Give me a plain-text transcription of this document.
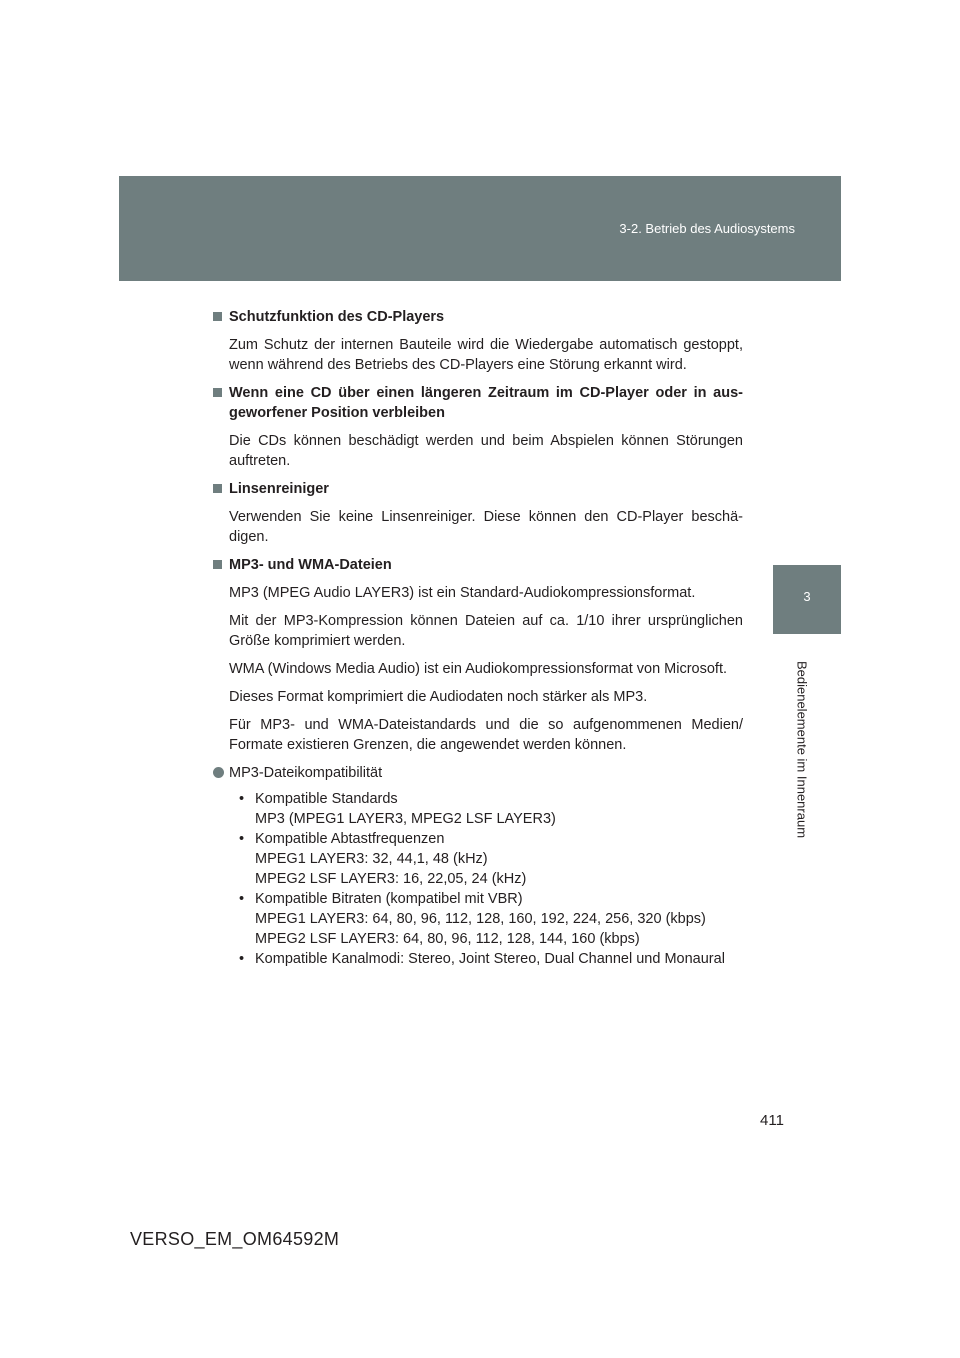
3-2. Betrieb des Audiosystems
3
Bedienelemente im Innenraum
Schutzfunktion des CD-Players

Zum Schutz der internen Bauteile wird die Wiedergabe automatisch gestoppt, wenn während des Betriebs des CD-Players eine Störung erkannt wird.

Wenn eine CD über einen längeren Zeitraum im CD-Player oder in aus-geworfener Position verbleiben

Die CDs können beschädigt werden und beim Abspielen können Störungen auftreten.

Linsenreiniger

Verwenden Sie keine Linsenreiniger. Diese können den CD-Player beschä-digen.

MP3- und WMA-Dateien

MP3 (MPEG Audio LAYER3) ist ein Standard-Audiokompressionsformat.

Mit der MP3-Kompression können Dateien auf ca. 1/10 ihrer ursprünglichen Größe komprimiert werden.

WMA (Windows Media Audio) ist ein Audiokompressionsformat von Microsoft.

Dieses Format komprimiert die Audiodaten noch stärker als MP3.

Für MP3- und WMA-Dateistandards und die so aufgenommenen Medien/ Formate existieren Grenzen, die angewendet werden können.

MP3-Dateikompatibilität
• Kompatible Standards
MP3 (MPEG1 LAYER3, MPEG2 LSF LAYER3)
• Kompatible Abtastfrequenzen
MPEG1 LAYER3: 32, 44,1, 48 (kHz)
MPEG2 LSF LAYER3: 16, 22,05, 24 (kHz)
• Kompatible Bitraten (kompatibel mit VBR)
MPEG1 LAYER3: 64, 80, 96, 112, 128, 160, 192, 224, 256, 320 (kbps)
MPEG2 LSF LAYER3: 64, 80, 96, 112, 128, 144, 160 (kbps)
• Kompatible Kanalmodi: Stereo, Joint Stereo, Dual Channel und Monaural
411
VERSO_EM_OM64592M
